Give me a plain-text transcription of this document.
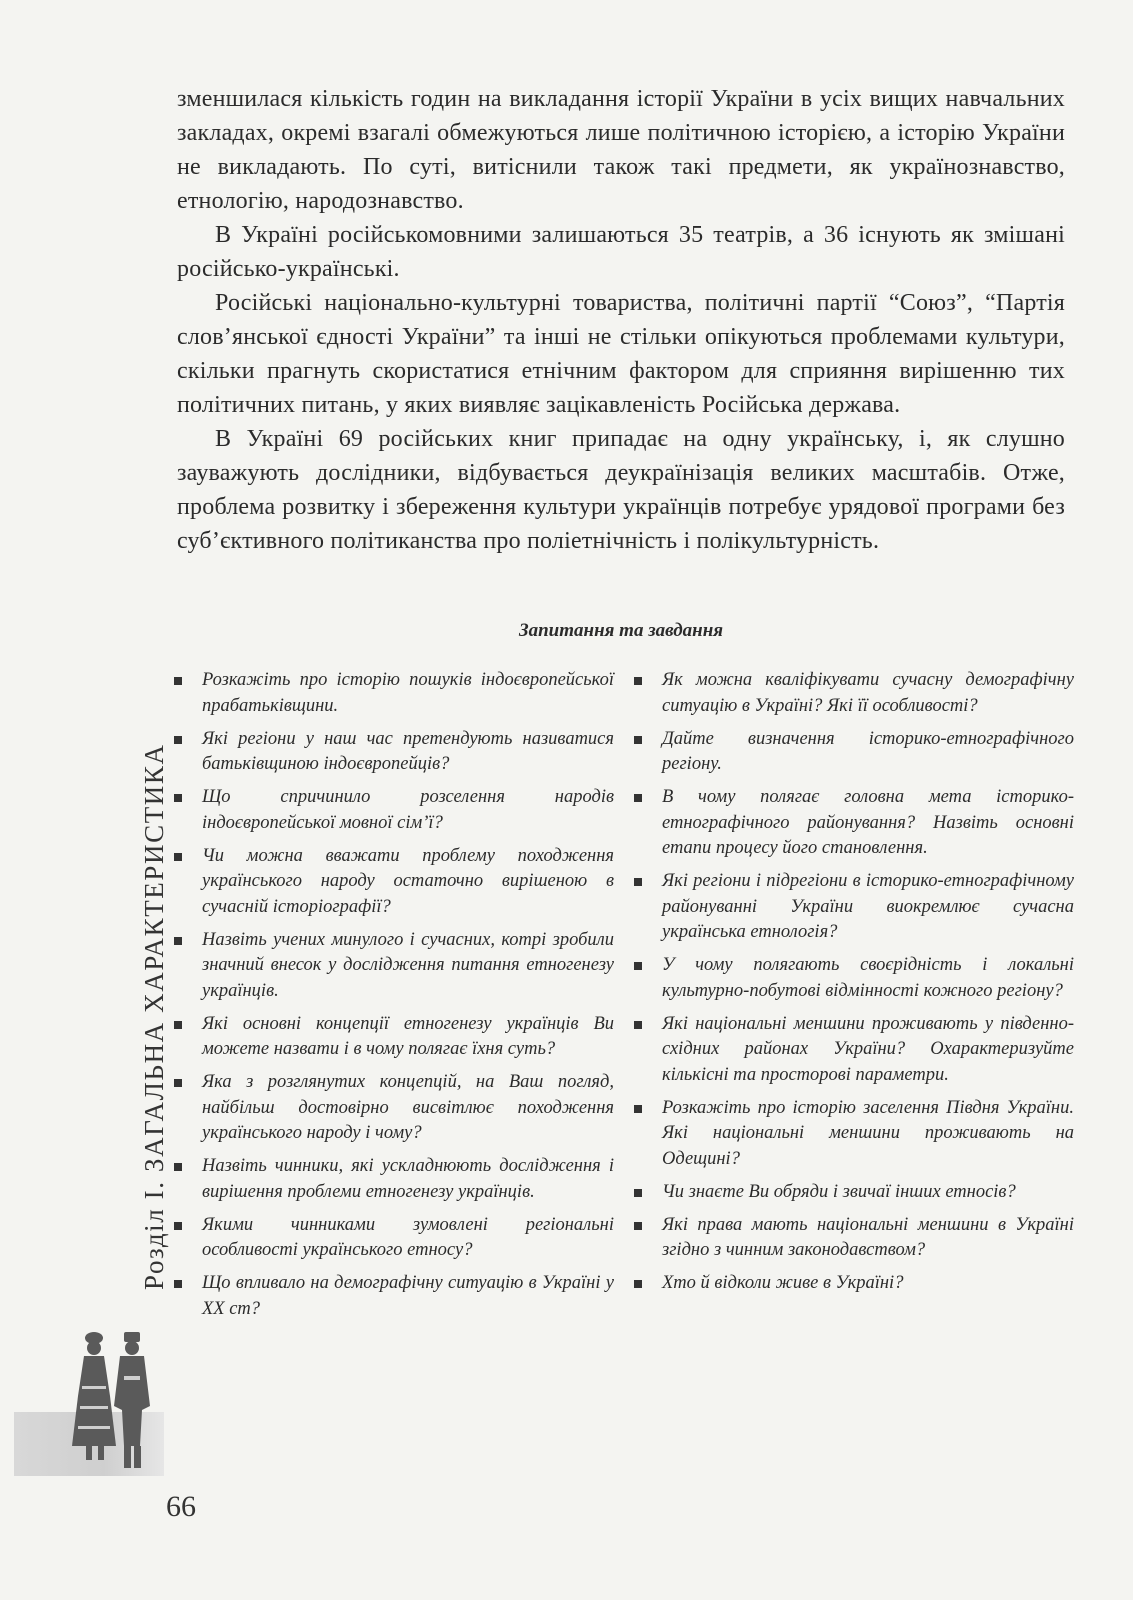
зменшилася кількість годин на викладання історії України в усіх вищих навчальних закладах, окремі взагалі обмежуються лише політичною історією, а історію України не викладають. По суті, витіснили також такі предмети, як українознавство, етнологію, народознавство.

В Україні російськомовними залишаються 35 театрів, а 36 існують як змішані російсько-українські.

Російські національно-культурні товариства, політичні партії “Союз”, “Партія слов’янської єдності України” та інші не стільки опікуються проблемами культури, скільки прагнуть скористатися етнічним фактором для сприяння вирішенню тих політичних питань, у яких виявляє зацікавленість Російська держава.

В Україні 69 російських книг припадає на одну українську, і, як слушно зауважують дослідники, відбувається деукраїнізація великих масштабів. Отже, проблема розвитку і збереження культури українців потребує урядової програми без суб’єктивного політиканства про поліетнічність і полікультурність.

Запитання та завдання
Розкажіть про історію пошуків індоєвропейської прабатьківщини.
Які регіони у наш час претендують називатися батьківщиною індоєвропейців?
Що спричинило розселення народів індоєвропейської мовної сім’ї?
Чи можна вважати проблему походження українського народу остаточно вирішеною в сучасній історіографії?
Назвіть учених минулого і сучасних, котрі зробили значний внесок у дослідження питання етногенезу українців.
Які основні концепції етногенезу українців Ви можете назвати і в чому полягає їхня суть?
Яка з розглянутих концепцій, на Ваш погляд, найбільш достовірно висвітлює походження українського народу і чому?
Назвіть чинники, які ускладнюють дослідження і вирішення проблеми етногенезу українців.
Якими чинниками зумовлені регіональні особливості українського етносу?
Що впливало на демографічну ситуацію в Україні у XX ст?
Як можна кваліфікувати сучасну демографічну ситуацію в Україні? Які її особливості?
Дайте визначення історико-етнографічного регіону.
В чому полягає головна мета історико-етнографічного районування? Назвіть основні етапи процесу його становлення.
Які регіони і підрегіони в історико-етнографічному районуванні України виокремлює сучасна українська етнологія?
У чому полягають своєрідність і локальні культурно-побутові відмінності кожного регіону?
Які національні меншини проживають у південно-східних районах України? Охарактеризуйте кількісні та просторові параметри.
Розкажіть про історію заселення Півдня України. Які національні меншини проживають на Одещині?
Чи знаєте Ви обряди і звичаї інших етносів?
Які права мають національні меншини в Україні згідно з чинним законодавством?
Хто й відколи живе в Україні?
Розділ І. ЗАГАЛЬНА ХАРАКТЕРИСТИКА
66
